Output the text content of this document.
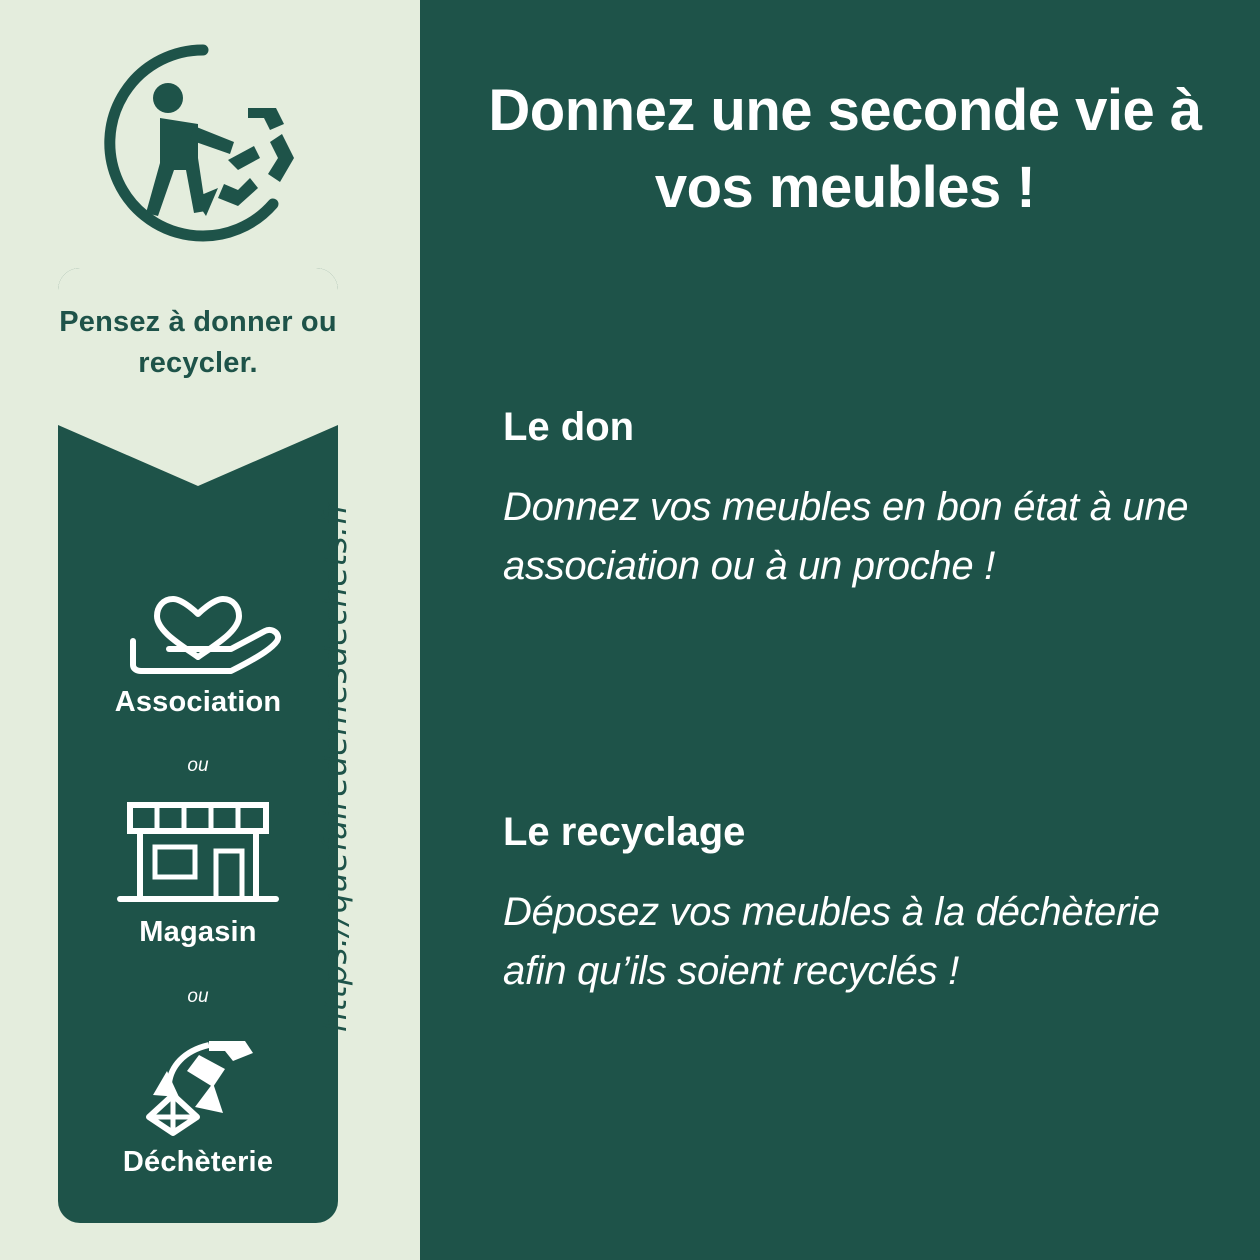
Pensez à donner ou recycler.
Association
ou
Magasin
ou
Déchèterie
https://quefairedemesdechets.fr
Donnez une seconde vie à vos meubles !
Le don
Donnez vos meubles en bon état à une association ou à un proche !
Le recyclage
Déposez vos meubles à la déchèterie afin qu’ils soient recyclés !
